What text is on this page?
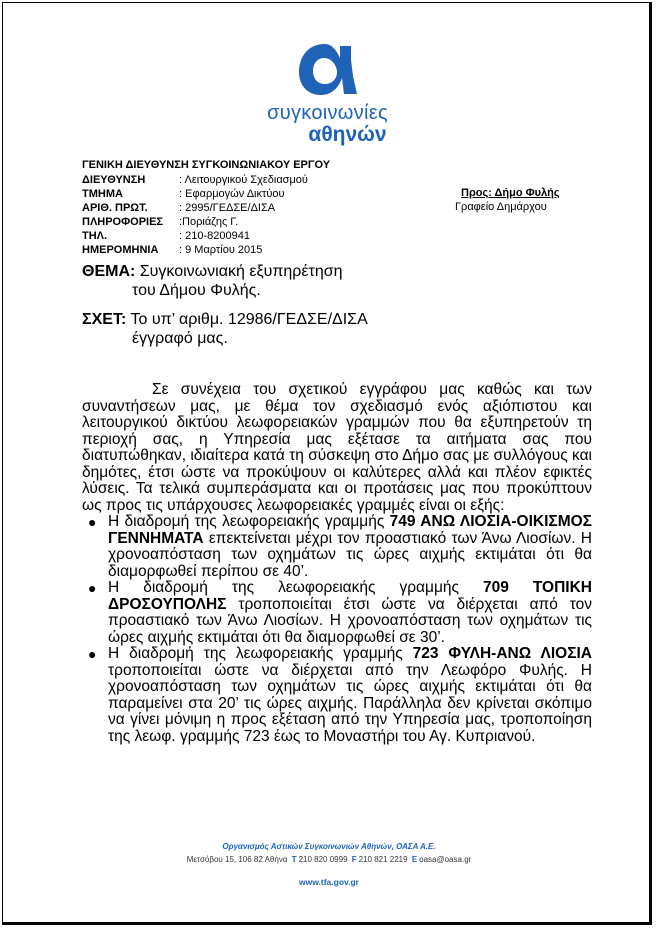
συγκοινωνίες
αθηνών
ΓΕΝΙΚΗ ΔΙΕΥΘΥΝΣΗ ΣΥΓΚΟΙΝΩΝΙΑΚΟΥ ΕΡΓΟΥ
ΔΙΕΥΘΥΝΣΗ	: Λειτουργικού Σχεδιασμού
ΤΜΗΜΑ	: Εφαρμογών Δικτύου
ΑΡΙΘ. ΠΡΩΤ.	: 2995/ΓΕΔΣΕ/ΔΙΣΑ
ΠΛΗΡΟΦΟΡΙΕΣ	:Ποριάζης Γ.
ΤΗΛ.	: 210-8200941
ΗΜΕΡΟΜΗΝΙΑ	: 9 Μαρτίου 2015
Προς: Δήμο Φυλής
Γραφείο Δημάρχου
ΘΕΜΑ: Συγκοινωνιακή εξυπηρέτηση
του Δήμου Φυλής.
ΣΧΕΤ: Το υπ’ αριθμ. 12986/ΓΕΔΣΕ/ΔΙΣΑ
έγγραφό μας.

Σε συνέχεια του σχετικού εγγράφου μας καθώς και των συναντήσεων μας, με θέμα τον σχεδιασμό ενός αξιόπιστου και λειτουργικού δικτύου λεωφορειακών γραμμών που θα εξυπηρετούν τη περιοχή σας, η Υπηρεσία μας εξέτασε τα αιτήματα σας που διατυπώθηκαν, ιδιαίτερα κατά τη σύσκεψη στο Δήμο σας με συλλόγους και δημότες, έτσι ώστε να προκύψουν οι καλύτερες αλλά και πλέον εφικτές λύσεις. Τα τελικά συμπεράσματα και οι προτάσεις μας που προκύπτουν ως προς τις υπάρχουσες λεωφορειακές γραμμές είναι οι εξής:

● Η διαδρομή της λεωφορειακής γραμμής 749 ΑΝΩ ΛΙΟΣΙΑ-ΟΙΚΙΣΜΟΣ ΓΕΝΝΗΜΑΤΑ επεκτείνεται μέχρι τον προαστιακό των Άνω Λιοσίων. Η χρονοαπόσταση των οχημάτων τις ώρες αιχμής εκτιμάται ότι θα διαμορφωθεί περίπου σε 40’.
● Η διαδρομή της λεωφορειακής γραμμής 709 ΤΟΠΙΚΗ ΔΡΟΣΟΥΠΟΛΗΣ τροποποιείται έτσι ώστε να διέρχεται από τον προαστιακό των Άνω Λιοσίων. Η χρονοαπόσταση των οχημάτων τις ώρες αιχμής εκτιμάται ότι θα διαμορφωθεί σε 30’.
● Η διαδρομή της λεωφορειακής γραμμής 723 ΦΥΛΗ-ΑΝΩ ΛΙΟΣΙΑ τροποποιείται ώστε να διέρχεται από την Λεωφόρο Φυλής. Η χρονοαπόσταση των οχημάτων τις ώρες αιχμής εκτιμάται ότι θα παραμείνει στα 20’ τις ώρες αιχμής. Παράλληλα δεν κρίνεται σκόπιμο να γίνει μόνιμη η προς εξέταση από την Υπηρεσία μας, τροποποίηση της λεωφ. γραμμής 723 έως το Μοναστήρι του Αγ. Κυπριανού.
Οργανισμός Αστικών Συγκοινωνιών Αθηνών, ΟΑΣΑ Α.Ε.
Μετσόβου 15, 106 82 Αθήνα T 210 820 0999 F 210 821 2219 E oasa@oasa.gr
www.tfa.gov.gr
